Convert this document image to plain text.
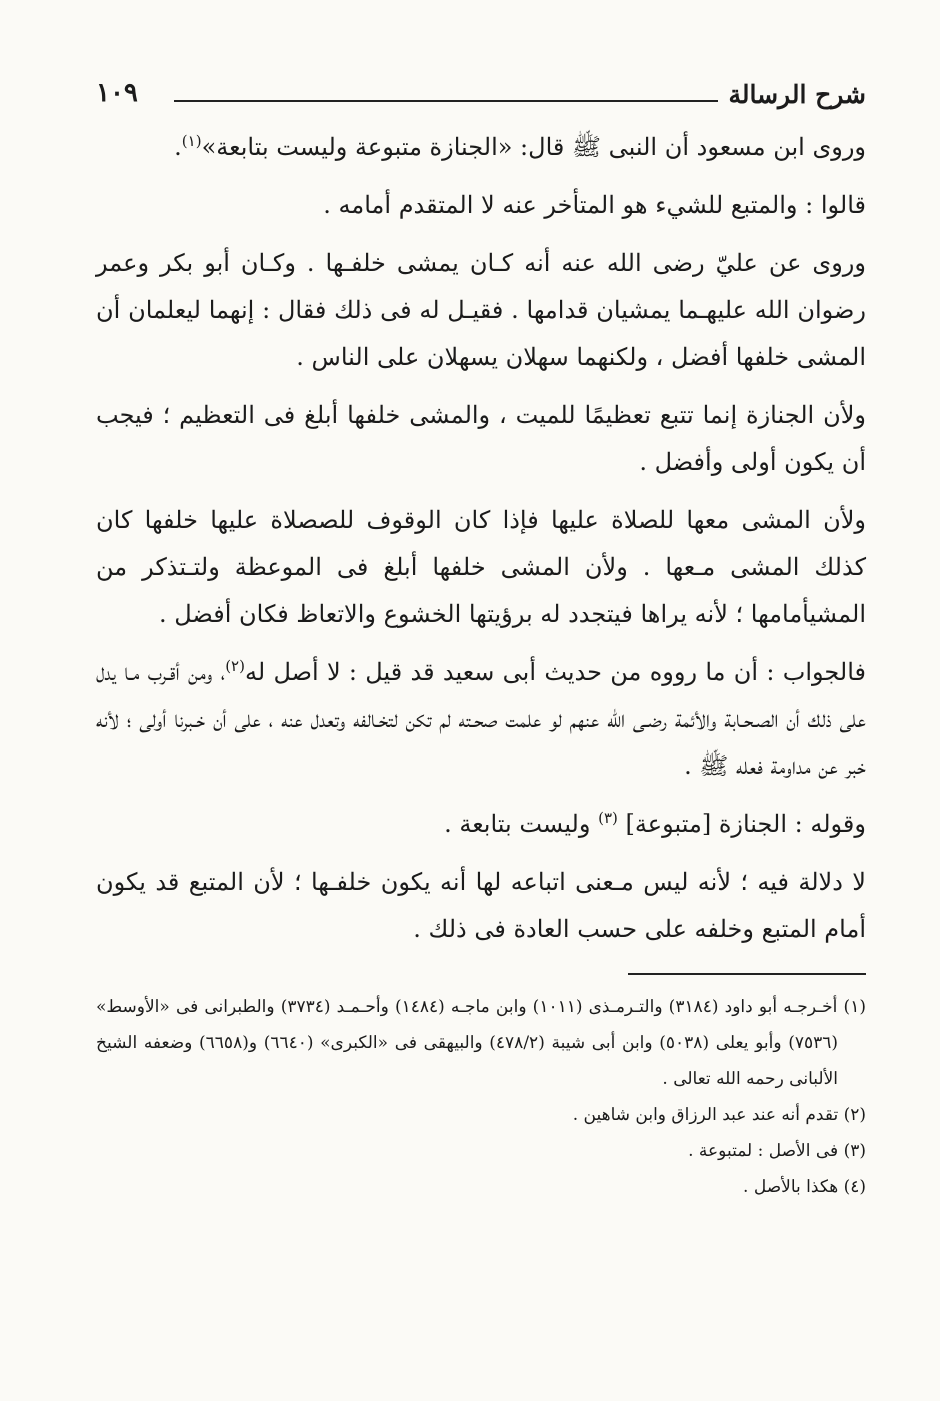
شرح الرسالة
١٠٩

وروى ابن مسعود أن النبى ﷺ قال: «الجنازة متبوعة وليست بتابعة»$^{(١)}$.

قالوا : والمتبع للشيء هو المتأخر عنه لا المتقدم أمامه .

وروى عن عليّ رضى الله عنه أنه كـان يمشى خلفـها . وكـان أبو بكر وعمر رضوان الله عليهـما يمشيان قدامها . فقيـل له فى ذلك فقال : إنهما ليعلمان أن المشى خلفها أفضل ، ولكنهما سهلان يسهلان على الناس .

ولأن الجنازة إنما تتبع تعظيمًا للميت ، والمشى خلفها أبلغ فى التعظيم ؛ فيجب أن يكون أولى وأفضل .

ولأن المشى معها للصلاة عليها فإذا كان الوقوف للصصلاة عليها خلفها كان كذلك المشى مـعها . ولأن المشى خلفها أبلغ فى الموعظة ولتـتذكر من المشيأمامها ؛ لأنه يراها فيتجدد له برؤيتها الخشوع والاتعاظ فكان أفضل .

فالجواب : أن ما رووه من حديث أبى سعيد قد قيل : لا أصل له$^{(٢)}$، ومن أقـرب مـا يدل على ذلك أن الصـحـابة والأئمة رضـى الله عنهم لو علمت صحـته لم تكن لتخـالفه وتعدل عنه ، على أن خـبرنا أولى ؛ لأنه خبر عن مداومة فعله ﷺ .

وقوله : الجنازة [متبوعة] $^{(٣)}$ وليست بتابعة .

لا دلالة فيه ؛ لأنه ليس مـعنى اتباعه لها أنه يكون خلفـها ؛ لأن المتبع قد يكون أمام المتبع وخلفه على حسب العادة فى ذلك .

(١) أخـرجـه أبو داود (٣١٨٤) والتـرمـذى (١٠١١) وابن ماجـه (١٤٨٤) وأحـمـد (٣٧٣٤) والطبرانى فى «الأوسط» (٧٥٣٦) وأبو يعلى (٥٠٣٨) وابن أبى شيبة (٤٧٨/٢) والبيهقى فى «الكبرى» (٦٦٤٠) و(٦٦٥٨) وضعفه الشيخ الألبانى رحمه الله تعالى .

(٢) تقدم أنه عند عبد الرزاق وابن شاهين .

(٣) فى الأصل : لمتبوعة .

(٤) هكذا بالأصل .
